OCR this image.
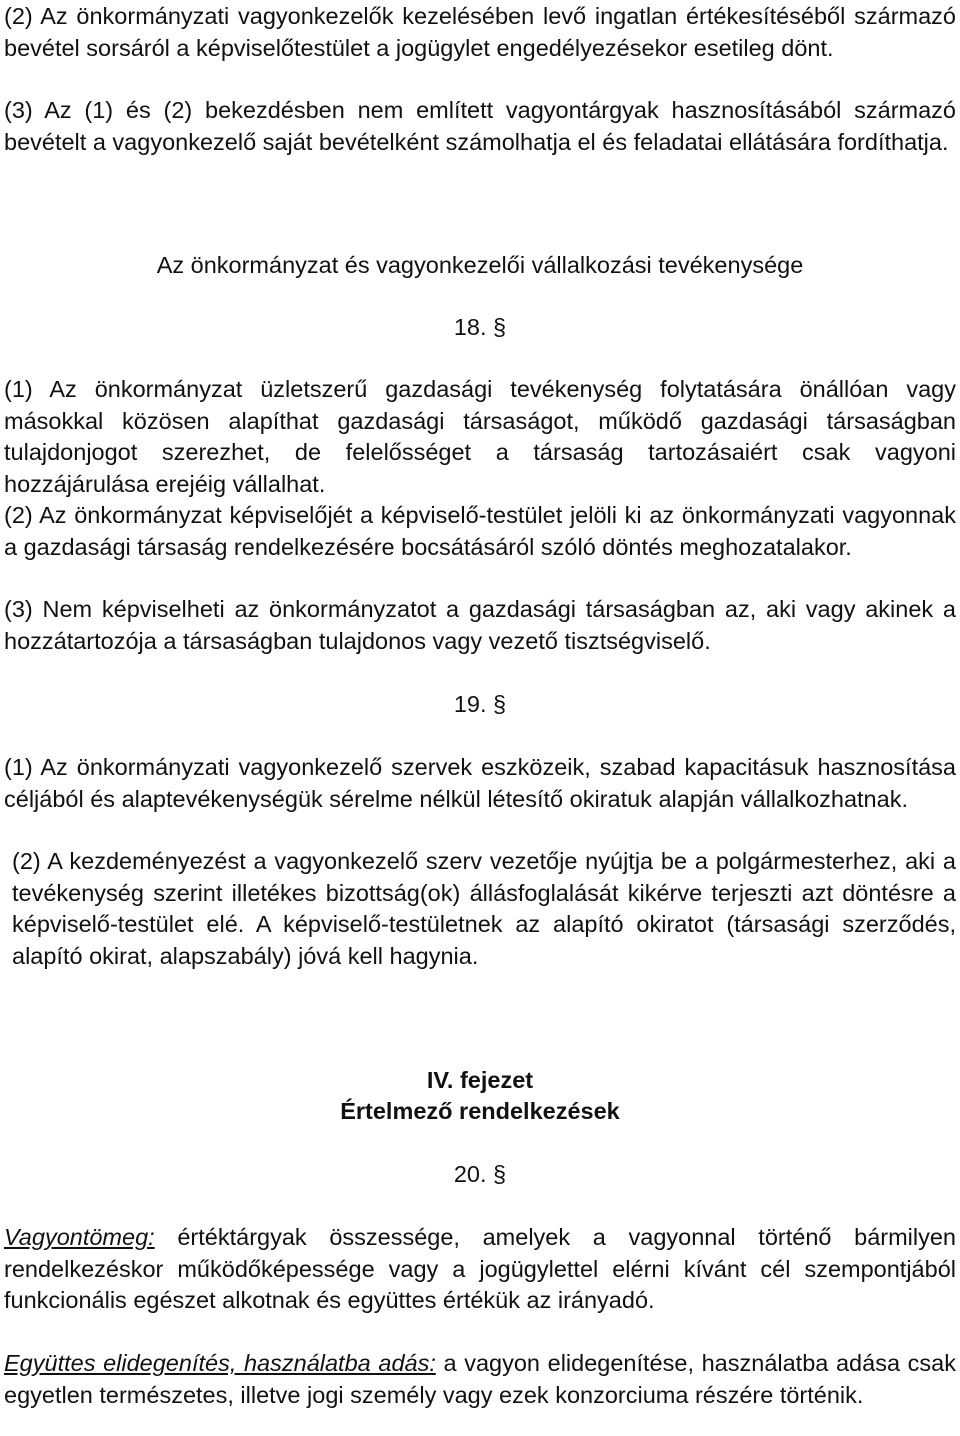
(2) Az önkormányzati vagyonkezelők kezelésében levő ingatlan értékesítéséből származó bevétel sorsáról a képviselőtestület a jogügylet engedélyezésekor esetileg dönt.

(3) Az (1) és (2) bekezdésben nem említett vagyontárgyak hasznosításából származó bevételt a vagyonkezelő saját bevételként számolhatja el és feladatai ellátására fordíthatja.

Az önkormányzat és vagyonkezelői vállalkozási tevékenysége

18. §

(1) Az önkormányzat üzletszerű gazdasági tevékenység folytatására önállóan vagy másokkal közösen alapíthat gazdasági társaságot, működő gazdasági társaságban tulajdonjogot szerezhet, de felelősséget a társaság tartozásaiért csak vagyoni hozzájárulása erejéig vállalhat.

(2) Az önkormányzat képviselőjét a képviselő-testület jelöli ki az önkormányzati vagyonnak a gazdasági társaság rendelkezésére bocsátásáról szóló döntés meghozatalakor.

(3) Nem képviselheti az önkormányzatot a gazdasági társaságban az, aki vagy akinek a hozzátartozója a társaságban tulajdonos vagy vezető tisztségviselő.

19. §

(1) Az önkormányzati vagyonkezelő szervek eszközeik, szabad kapacitásuk hasznosítása céljából és alaptevékenységük sérelme nélkül létesítő okiratuk alapján vállalkozhatnak.

(2) A kezdeményezést a vagyonkezelő szerv vezetője nyújtja be a polgármesterhez, aki a tevékenység szerint illetékes bizottság(ok) állásfoglalását kikérve terjeszti azt döntésre a képviselő-testület elé. A képviselő-testületnek az alapító okiratot (társasági szerződés, alapító okirat, alapszabály) jóvá kell hagynia.

IV. fejezet

Értelmező rendelkezések

20. §

Vagyontömeg: értéktárgyak összessége, amelyek a vagyonnal történő bármilyen rendelkezéskor működőképessége vagy a jogügylettel elérni kívánt cél szempontjából funkcionális egészet alkotnak és együttes értékük az irányadó.

Együttes elidegenítés, használatba adás: a vagyon elidegenítése, használatba adása csak egyetlen természetes, illetve jogi személy vagy ezek konzorciuma részére történik.
